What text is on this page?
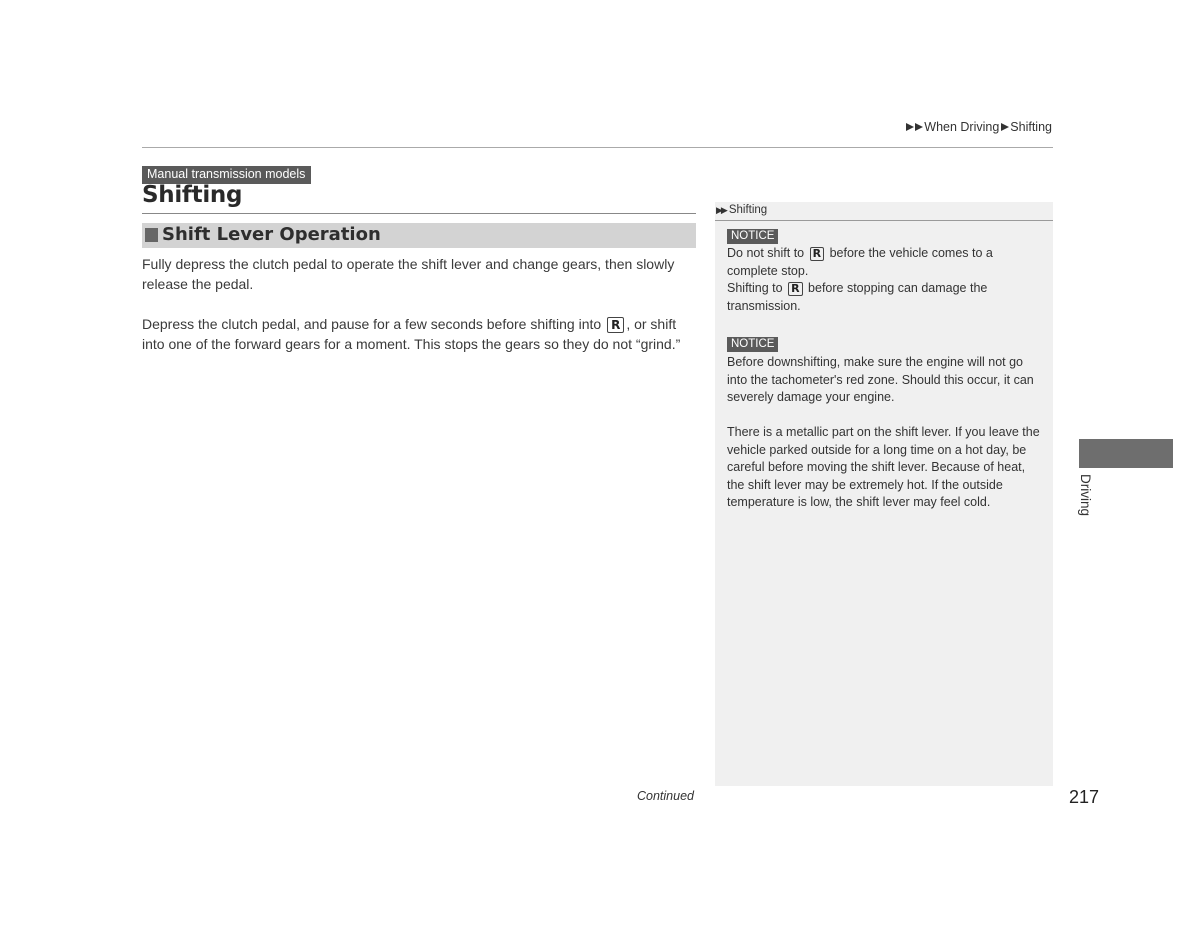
When Driving Shifting
Manual transmission models
Shifting
Shift Lever Operation
Fully depress the clutch pedal to operate the shift lever and change gears, then slowly release the pedal.
Depress the clutch pedal, and pause for a few seconds before shifting into R , or shift into one of the forward gears for a moment. This stops the gears so they do not “grind.”
▶▶ Shifting
NOTICE
Do not shift to R before the vehicle comes to a complete stop.
Shifting to R before stopping can damage the transmission.
NOTICE
Before downshifting, make sure the engine will not go into the tachometer's red zone. Should this occur, it can severely damage your engine.
There is a metallic part on the shift lever. If you leave the vehicle parked outside for a long time on a hot day, be careful before moving the shift lever. Because of heat, the shift lever may be extremely hot. If the outside temperature is low, the shift lever may feel cold.
Continued	217
Driving
